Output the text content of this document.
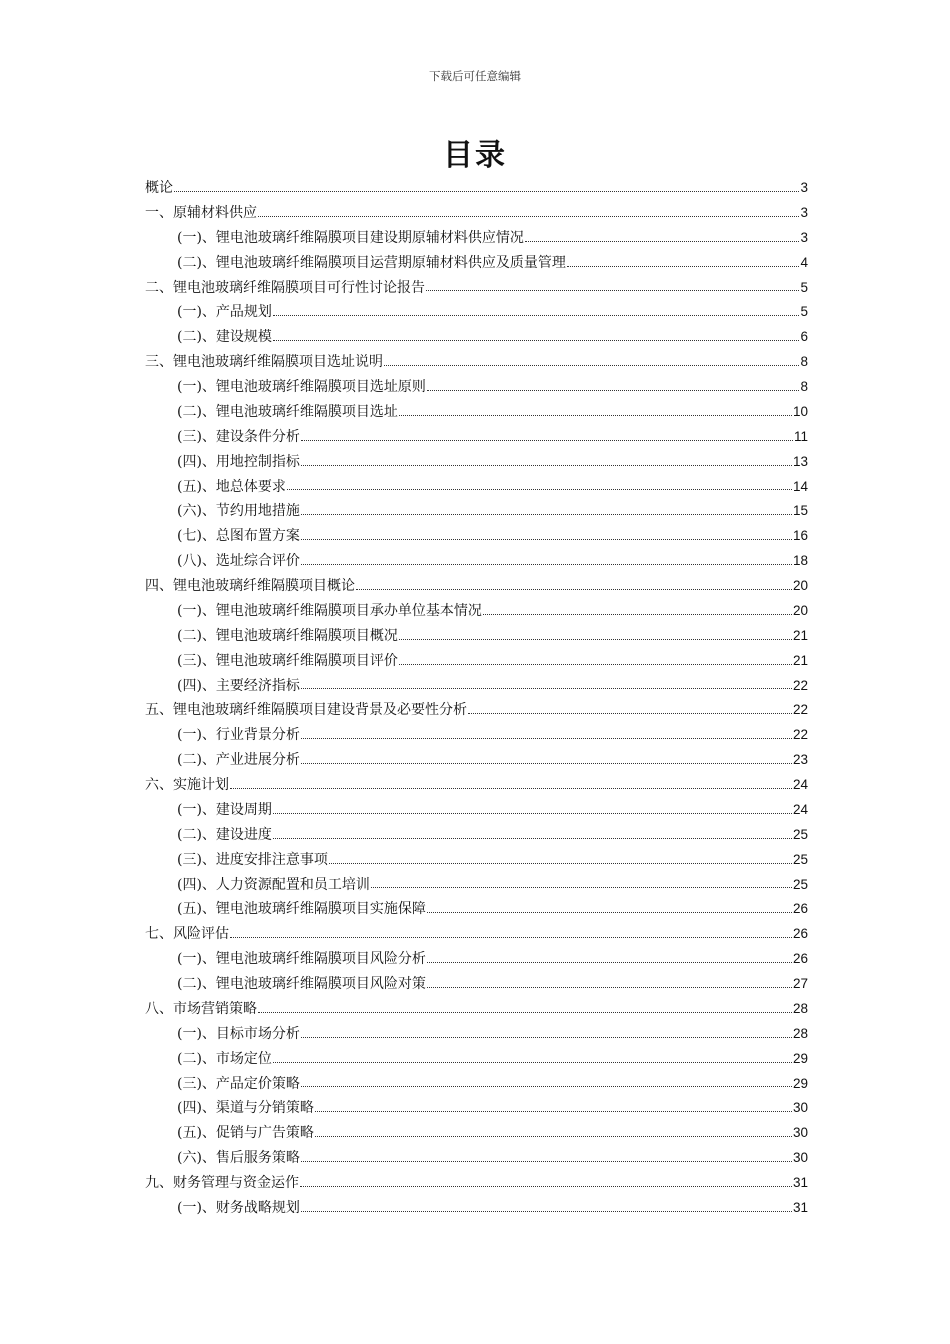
下载后可任意编辑
目录
概论	3
一、原辅材料供应	3
(一)、锂电池玻璃纤维隔膜项目建设期原辅材料供应情况	3
(二)、锂电池玻璃纤维隔膜项目运营期原辅材料供应及质量管理	4
二、锂电池玻璃纤维隔膜项目可行性讨论报告	5
(一)、产品规划	5
(二)、建设规模	6
三、锂电池玻璃纤维隔膜项目选址说明	8
(一)、锂电池玻璃纤维隔膜项目选址原则	8
(二)、锂电池玻璃纤维隔膜项目选址	10
(三)、建设条件分析	11
(四)、用地控制指标	13
(五)、地总体要求	14
(六)、节约用地措施	15
(七)、总图布置方案	16
(八)、选址综合评价	18
四、锂电池玻璃纤维隔膜项目概论	20
(一)、锂电池玻璃纤维隔膜项目承办单位基本情况	20
(二)、锂电池玻璃纤维隔膜项目概况	21
(三)、锂电池玻璃纤维隔膜项目评价	21
(四)、主要经济指标	22
五、锂电池玻璃纤维隔膜项目建设背景及必要性分析	22
(一)、行业背景分析	22
(二)、产业进展分析	23
六、实施计划	24
(一)、建设周期	24
(二)、建设进度	25
(三)、进度安排注意事项	25
(四)、人力资源配置和员工培训	25
(五)、锂电池玻璃纤维隔膜项目实施保障	26
七、风险评估	26
(一)、锂电池玻璃纤维隔膜项目风险分析	26
(二)、锂电池玻璃纤维隔膜项目风险对策	27
八、市场营销策略	28
(一)、目标市场分析	28
(二)、市场定位	29
(三)、产品定价策略	29
(四)、渠道与分销策略	30
(五)、促销与广告策略	30
(六)、售后服务策略	30
九、财务管理与资金运作	31
(一)、财务战略规划	31
